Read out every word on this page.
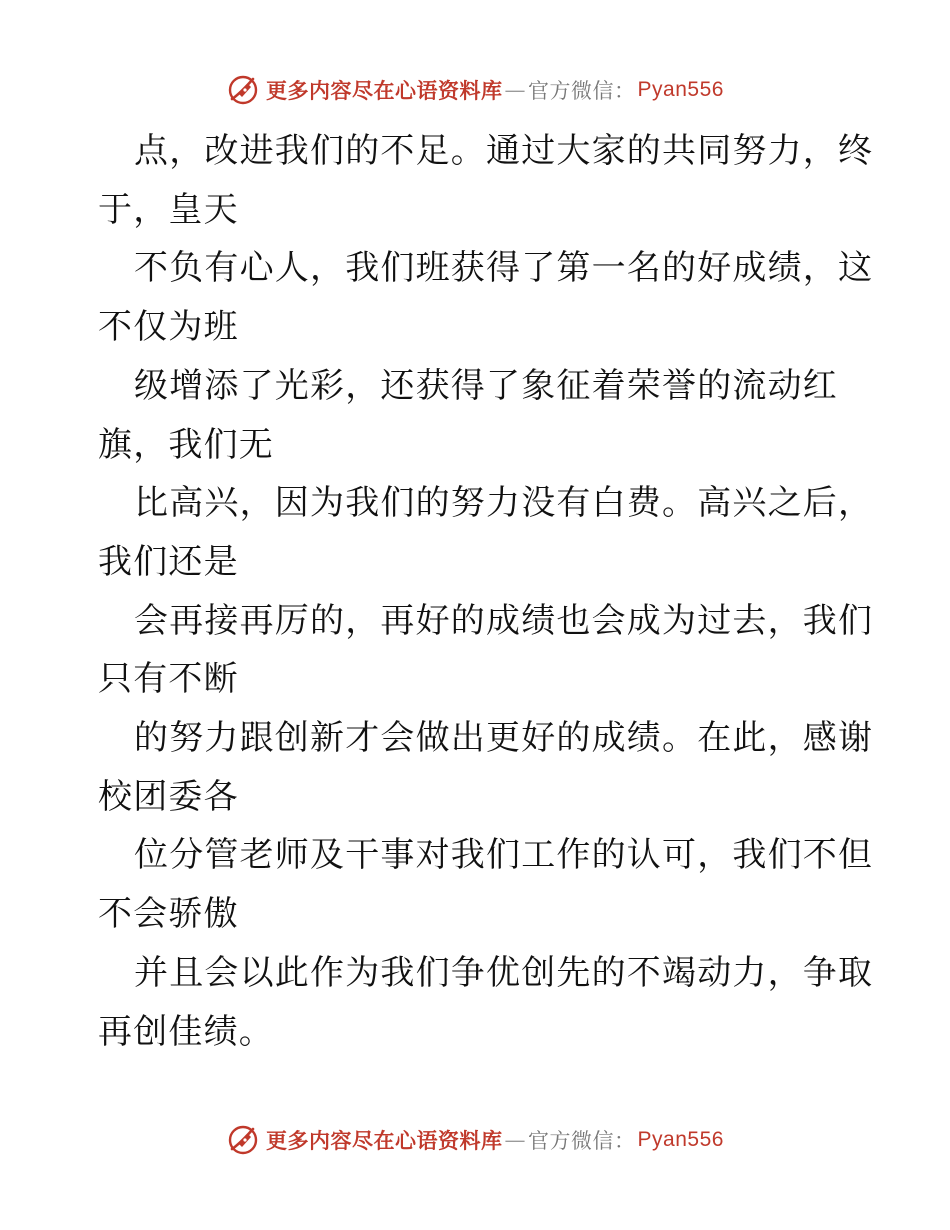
更多内容尽在心语资料库 — 官方微信： Pyan556
点，改进我们的不足。通过大家的共同努力，终
于，皇天
不负有心人，我们班获得了第一名的好成绩，这
不仅为班
级增添了光彩，还获得了象征着荣誉的流动红
旗，我们无
比高兴，因为我们的努力没有白费。高兴之后，
我们还是
会再接再厉的，再好的成绩也会成为过去，我们
只有不断
的努力跟创新才会做出更好的成绩。在此，感谢
校团委各
位分管老师及干事对我们工作的认可，我们不但
不会骄傲
并且会以此作为我们争优创先的不竭动力，争取
再创佳绩。
更多内容尽在心语资料库 — 官方微信： Pyan556
